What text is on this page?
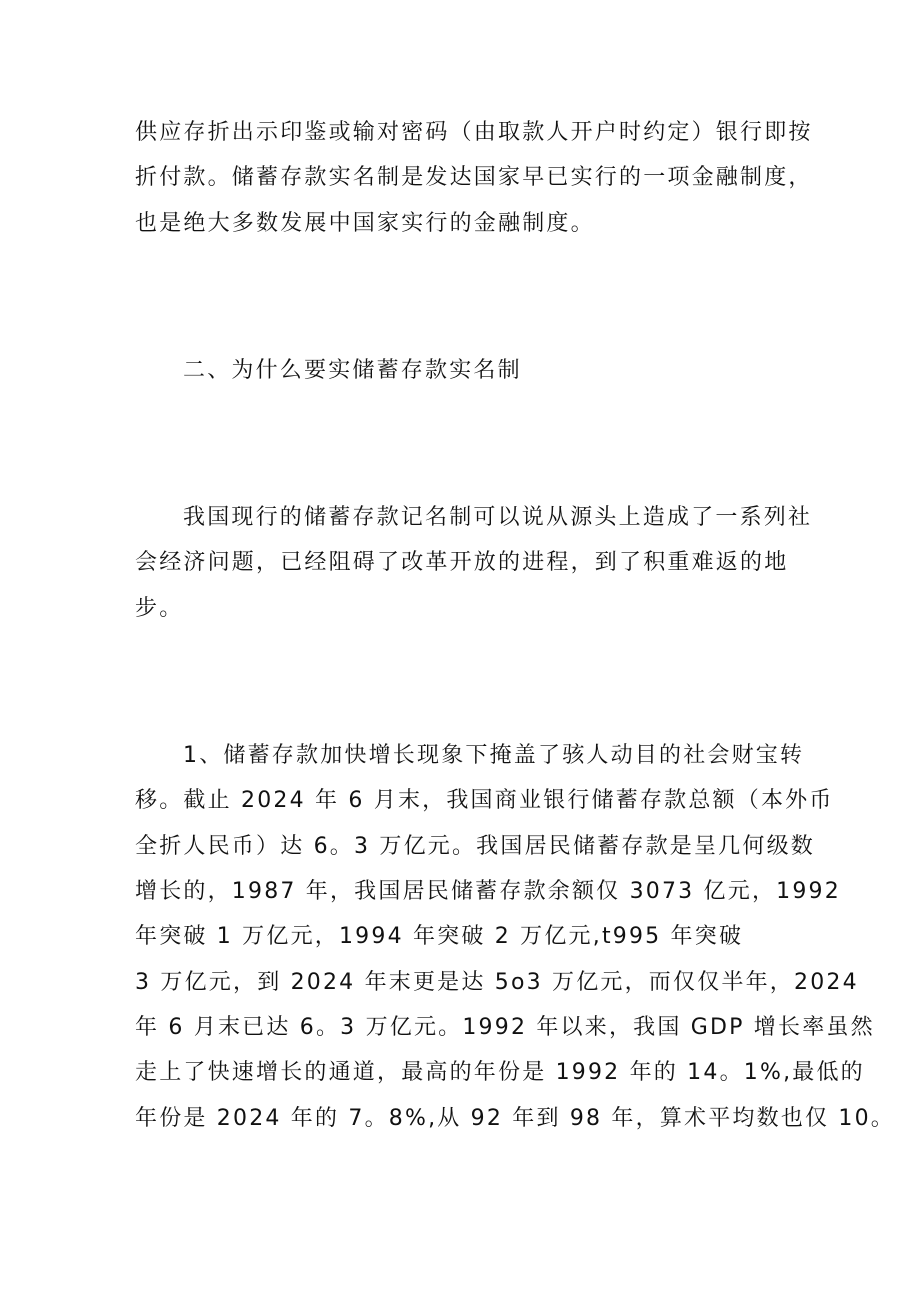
供应存折出示印鉴或输对密码（由取款人开户时约定）银行即按
折付款。储蓄存款实名制是发达国家早已实行的一项金融制度，
也是绝大多数发展中国家实行的金融制度。
二、为什么要实储蓄存款实名制
我国现行的储蓄存款记名制可以说从源头上造成了一系列社
会经济问题，已经阻碍了改革开放的进程，到了积重难返的地
步。
1、储蓄存款加快增长现象下掩盖了骇人动目的社会财宝转
移。截止 2024 年 6 月末，我国商业银行储蓄存款总额（本外币
全折人民币）达 6。3 万亿元。我国居民储蓄存款是呈几何级数
增长的，1987 年，我国居民储蓄存款余额仅 3073 亿元，1992
年突破 1 万亿元，1994 年突破 2 万亿元,t995 年突破
3 万亿元，到 2024 年末更是达 5o3 万亿元，而仅仅半年，2024
年 6 月末已达 6。3 万亿元。1992 年以来，我国 GDP 增长率虽然
走上了快速增长的通道，最高的年份是 1992 年的 14。1%,最低的
年份是 2024 年的 7。8%,从 92 年到 98 年，算术平均数也仅 10。
